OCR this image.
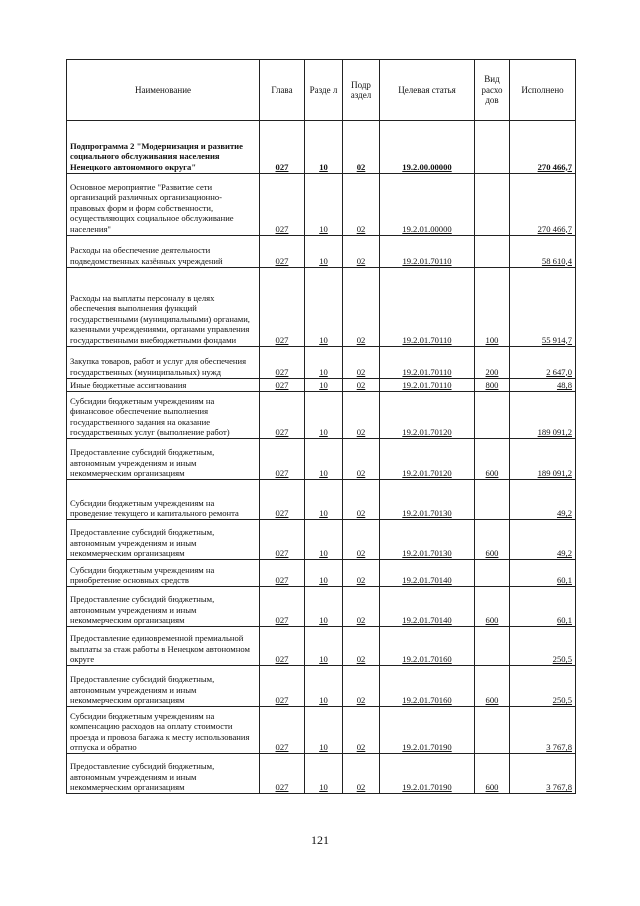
Наименование	Глава	Разде л	Подр аздел	Целевая статья	Вид расхо дов	Исполнено
Подпрограмма 2 "Модернизация и развитие социального обслуживания населения Ненецкого автономного округа"	027	10	02	19.2.00.00000		270 466,7
Основное мероприятие "Развитие сети организаций различных организационно-правовых форм и форм собственности, осуществляющих социальное обслуживание населения"	027	10	02	19.2.01.00000		270 466,7
Расходы на обеспечение деятельности подведомственных казённых учреждений	027	10	02	19.2.01.70110		58 610,4
Расходы на выплаты персоналу в целях обеспечения выполнения функций государственными (муниципальными) органами, казенными учреждениями, органами управления государственными внебюджетными фондами	027	10	02	19.2.01.70110	100	55 914,7
Закупка товаров, работ и услуг для обеспечения государственных (муниципальных) нужд	027	10	02	19.2.01.70110	200	2 647,0
Иные бюджетные ассигнования	027	10	02	19.2.01.70110	800	48,8
Субсидии бюджетным учреждениям на финансовое обеспечение выполнения государственного задания на оказание государственных услуг (выполнение работ)	027	10	02	19.2.01.70120		189 091,2
Предоставление субсидий бюджетным, автономным учреждениям и иным некоммерческим организациям	027	10	02	19.2.01.70120	600	189 091,2
Субсидии бюджетным учреждениям на проведение текущего и капитального ремонта	027	10	02	19.2.01.70130		49,2
Предоставление субсидий бюджетным, автономным учреждениям и иным некоммерческим организациям	027	10	02	19.2.01.70130	600	49,2
Субсидии бюджетным учреждениям на приобретение основных средств	027	10	02	19.2.01.70140		60,1
Предоставление субсидий бюджетным, автономным учреждениям и иным некоммерческим организациям	027	10	02	19.2.01.70140	600	60,1
Предоставление единовременной премиальной выплаты за стаж работы в Ненецком автономном округе	027	10	02	19.2.01.70160		250,5
Предоставление субсидий бюджетным, автономным учреждениям и иным некоммерческим организациям	027	10	02	19.2.01.70160	600	250,5
Субсидии бюджетным учреждениям на компенсацию расходов на оплату стоимости проезда и провоза багажа к месту использования отпуска и обратно	027	10	02	19.2.01.70190		3 767,8
Предоставление субсидий бюджетным, автономным учреждениям и иным некоммерческим организациям	027	10	02	19.2.01.70190	600	3 767,8
121
